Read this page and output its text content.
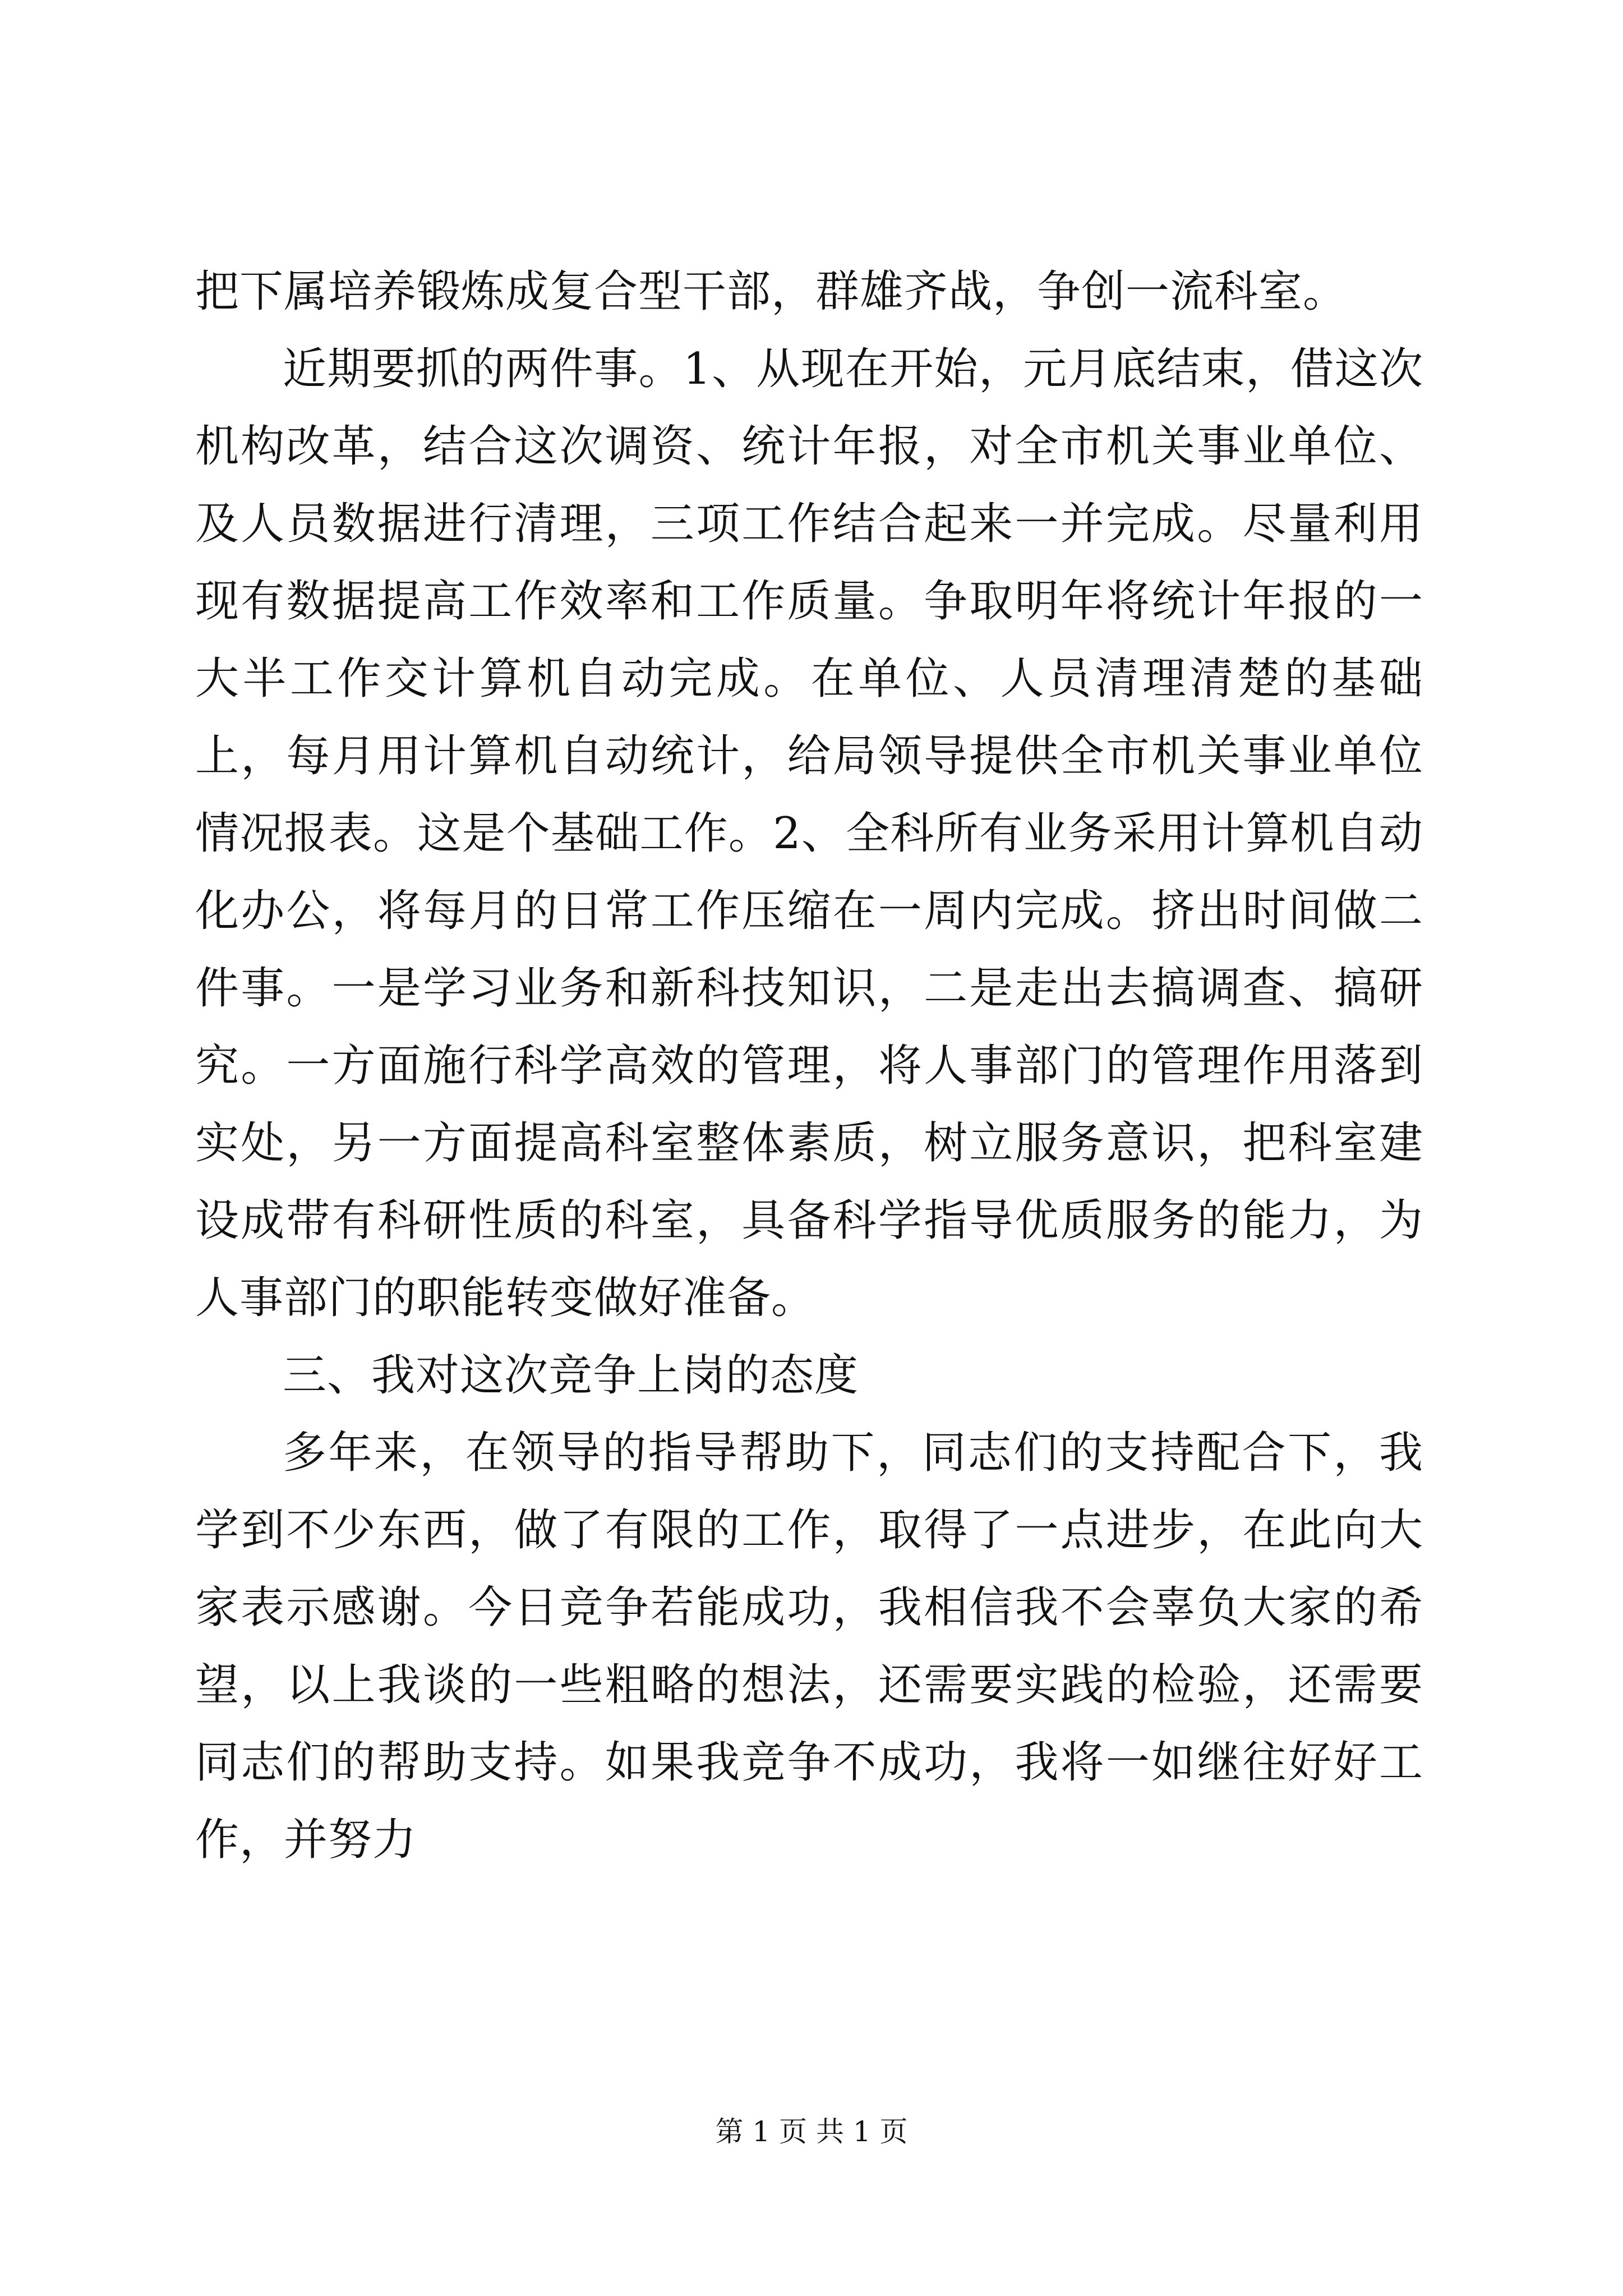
把下属培养锻炼成复合型干部，群雄齐战，争创一流科室。

近期要抓的两件事。1、从现在开始，元月底结束，借这次机构改革，结合这次调资、统计年报，对全市机关事业单位、及人员数据进行清理，三项工作结合起来一并完成。尽量利用现有数据提高工作效率和工作质量。争取明年将统计年报的一大半工作交计算机自动完成。在单位、人员清理清楚的基础上，每月用计算机自动统计，给局领导提供全市机关事业单位情况报表。这是个基础工作。2、全科所有业务采用计算机自动化办公，将每月的日常工作压缩在一周内完成。挤出时间做二件事。一是学习业务和新科技知识，二是走出去搞调查、搞研究。一方面施行科学高效的管理，将人事部门的管理作用落到实处，另一方面提高科室整体素质，树立服务意识，把科室建设成带有科研性质的科室，具备科学指导优质服务的能力，为人事部门的职能转变做好准备。

三、我对这次竞争上岗的态度

多年来，在领导的指导帮助下，同志们的支持配合下，我学到不少东西，做了有限的工作，取得了一点进步，在此向大家表示感谢。今日竞争若能成功，我相信我不会辜负大家的希望，以上我谈的一些粗略的想法，还需要实践的检验，还需要同志们的帮助支持。如果我竞争不成功，我将一如继往好好工作，并努力

第 1 页 共 1 页
